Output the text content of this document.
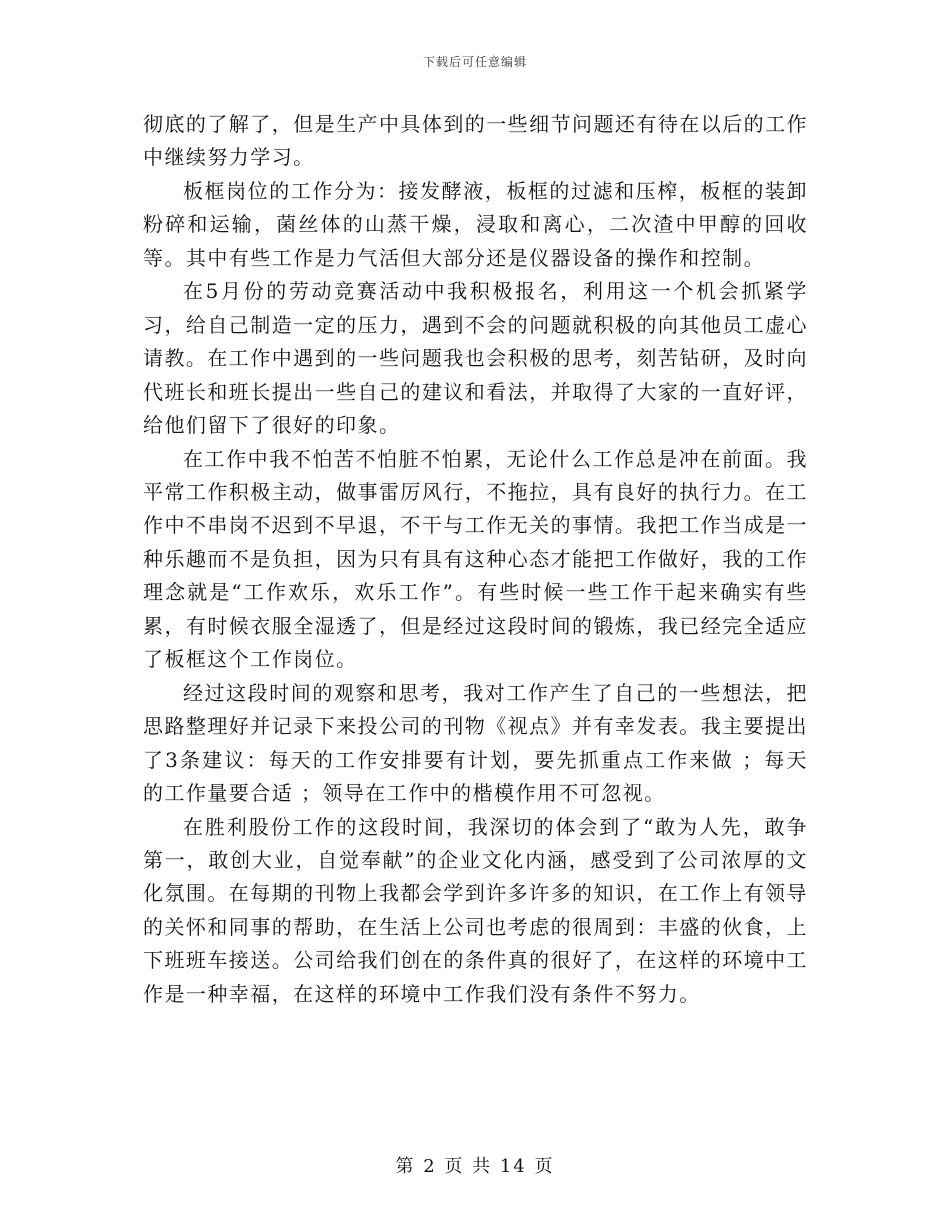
下载后可任意编辑

彻底的了解了，但是生产中具体到的一些细节问题还有待在以后的工作中继续努力学习。

板框岗位的工作分为：接发酵液，板框的过滤和压榨，板框的装卸粉碎和运输，菌丝体的山蒸干燥，浸取和离心，二次渣中甲醇的回收等。其中有些工作是力气活但大部分还是仪器设备的操作和控制。

在5月份的劳动竞赛活动中我积极报名，利用这一个机会抓紧学习，给自己制造一定的压力，遇到不会的问题就积极的向其他员工虚心请教。在工作中遇到的一些问题我也会积极的思考，刻苦钻研，及时向代班长和班长提出一些自己的建议和看法，并取得了大家的一直好评，给他们留下了很好的印象。

在工作中我不怕苦不怕脏不怕累，无论什么工作总是冲在前面。我平常工作积极主动，做事雷厉风行，不拖拉，具有良好的执行力。在工作中不串岗不迟到不早退，不干与工作无关的事情。我把工作当成是一种乐趣而不是负担，因为只有具有这种心态才能把工作做好，我的工作理念就是“工作欢乐，欢乐工作”。有些时候一些工作干起来确实有些累，有时候衣服全湿透了，但是经过这段时间的锻炼，我已经完全适应了板框这个工作岗位。

经过这段时间的观察和思考，我对工作产生了自己的一些想法，把思路整理好并记录下来投公司的刊物《视点》并有幸发表。我主要提出了3条建议：每天的工作安排要有计划，要先抓重点工作来做 ；每天的工作量要合适 ；领导在工作中的楷模作用不可忽视。

在胜利股份工作的这段时间，我深切的体会到了“敢为人先，敢争第一，敢创大业，自觉奉献”的企业文化内涵，感受到了公司浓厚的文化氛围。在每期的刊物上我都会学到许多许多的知识，在工作上有领导的关怀和同事的帮助，在生活上公司也考虑的很周到：丰盛的伙食，上下班班车接送。公司给我们创在的条件真的很好了，在这样的环境中工作是一种幸福，在这样的环境中工作我们没有条件不努力。

第 2 页 共 14 页
